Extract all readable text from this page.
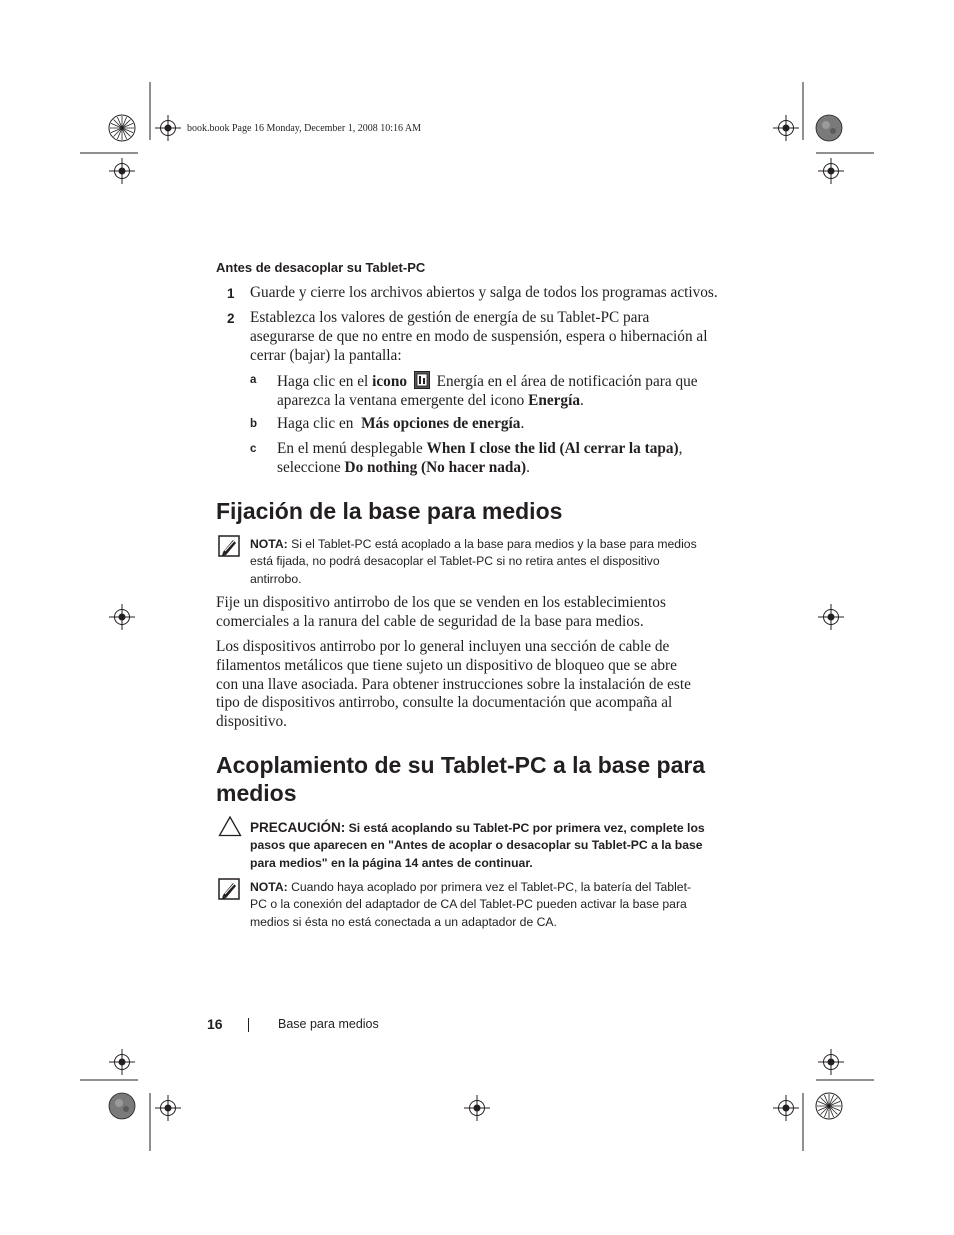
book.book Page 16 Monday, December 1, 2008 10:16 AM
Antes de desacoplar su Tablet-PC
1 Guarde y cierre los archivos abiertos y salga de todos los programas activos.
2 Establezca los valores de gestión de energía de su Tablet-PC para
asegurarse de que no entre en modo de suspensión, espera o hibernación al
cerrar (bajar) la pantalla:
a Haga clic en el icono Energía en el área de notificación para que
aparezca la ventana emergente del icono Energía.
b Haga clic en Más opciones de energía.
c En el menú desplegable When I close the lid (Al cerrar la tapa),
seleccione Do nothing (No hacer nada).
Fijación de la base para medios
NOTA: Si el Tablet-PC está acoplado a la base para medios y la base para medios
está fijada, no podrá desacoplar el Tablet-PC si no retira antes el dispositivo
antirrobo.
Fije un dispositivo antirrobo de los que se venden en los establecimientos
comerciales a la ranura del cable de seguridad de la base para medios.
Los dispositivos antirrobo por lo general incluyen una sección de cable de
filamentos metálicos que tiene sujeto un dispositivo de bloqueo que se abre
con una llave asociada. Para obtener instrucciones sobre la instalación de este
tipo de dispositivos antirrobo, consulte la documentación que acompaña al
dispositivo.
Acoplamiento de su Tablet-PC a la base para
medios
PRECAUCIÓN: Si está acoplando su Tablet-PC por primera vez, complete los
pasos que aparecen en "Antes de acoplar o desacoplar su Tablet-PC a la base
para medios" en la página 14 antes de continuar.
NOTA: Cuando haya acoplado por primera vez el Tablet-PC, la batería del Tablet-
PC o la conexión del adaptador de CA del Tablet-PC pueden activar la base para
medios si ésta no está conectada a un adaptador de CA.
16	Base para medios
